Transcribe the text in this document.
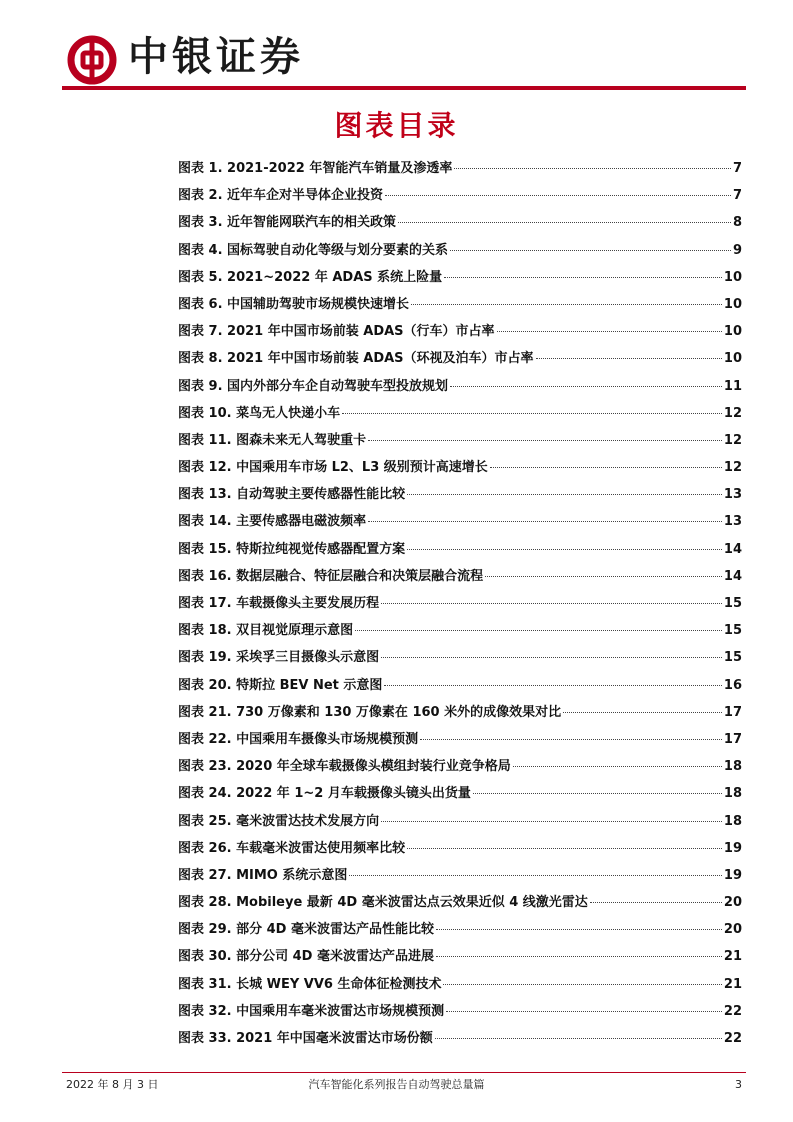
中银证券
图表目录
图表 1. 2021-2022 年智能汽车销量及渗透率	7
图表 2. 近年车企对半导体企业投资	7
图表 3. 近年智能网联汽车的相关政策	8
图表 4. 国标驾驶自动化等级与划分要素的关系	9
图表 5. 2021~2022 年 ADAS 系统上险量	10
图表 6. 中国辅助驾驶市场规模快速增长	10
图表 7. 2021 年中国市场前装 ADAS（行车）市占率	10
图表 8. 2021 年中国市场前装 ADAS（环视及泊车）市占率	10
图表 9. 国内外部分车企自动驾驶车型投放规划	11
图表 10. 菜鸟无人快递小车	12
图表 11. 图森未来无人驾驶重卡	12
图表 12. 中国乘用车市场 L2、L3 级别预计高速增长	12
图表 13. 自动驾驶主要传感器性能比较	13
图表 14. 主要传感器电磁波频率	13
图表 15. 特斯拉纯视觉传感器配置方案	14
图表 16. 数据层融合、特征层融合和决策层融合流程	14
图表 17. 车载摄像头主要发展历程	15
图表 18. 双目视觉原理示意图	15
图表 19. 采埃孚三目摄像头示意图	15
图表 20. 特斯拉 BEV Net 示意图	16
图表 21. 730 万像素和 130 万像素在 160 米外的成像效果对比	17
图表 22. 中国乘用车摄像头市场规模预测	17
图表 23. 2020 年全球车载摄像头模组封装行业竞争格局	18
图表 24. 2022 年 1~2 月车载摄像头镜头出货量	18
图表 25. 毫米波雷达技术发展方向	18
图表 26. 车载毫米波雷达使用频率比较	19
图表 27. MIMO 系统示意图	19
图表 28. Mobileye 最新 4D 毫米波雷达点云效果近似 4 线激光雷达	20
图表 29. 部分 4D 毫米波雷达产品性能比较	20
图表 30. 部分公司 4D 毫米波雷达产品进展	21
图表 31. 长城 WEY VV6 生命体征检测技术	21
图表 32. 中国乘用车毫米波雷达市场规模预测	22
图表 33. 2021 年中国毫米波雷达市场份额	22
2022 年 8 月 3 日	汽车智能化系列报告自动驾驶总量篇	3
